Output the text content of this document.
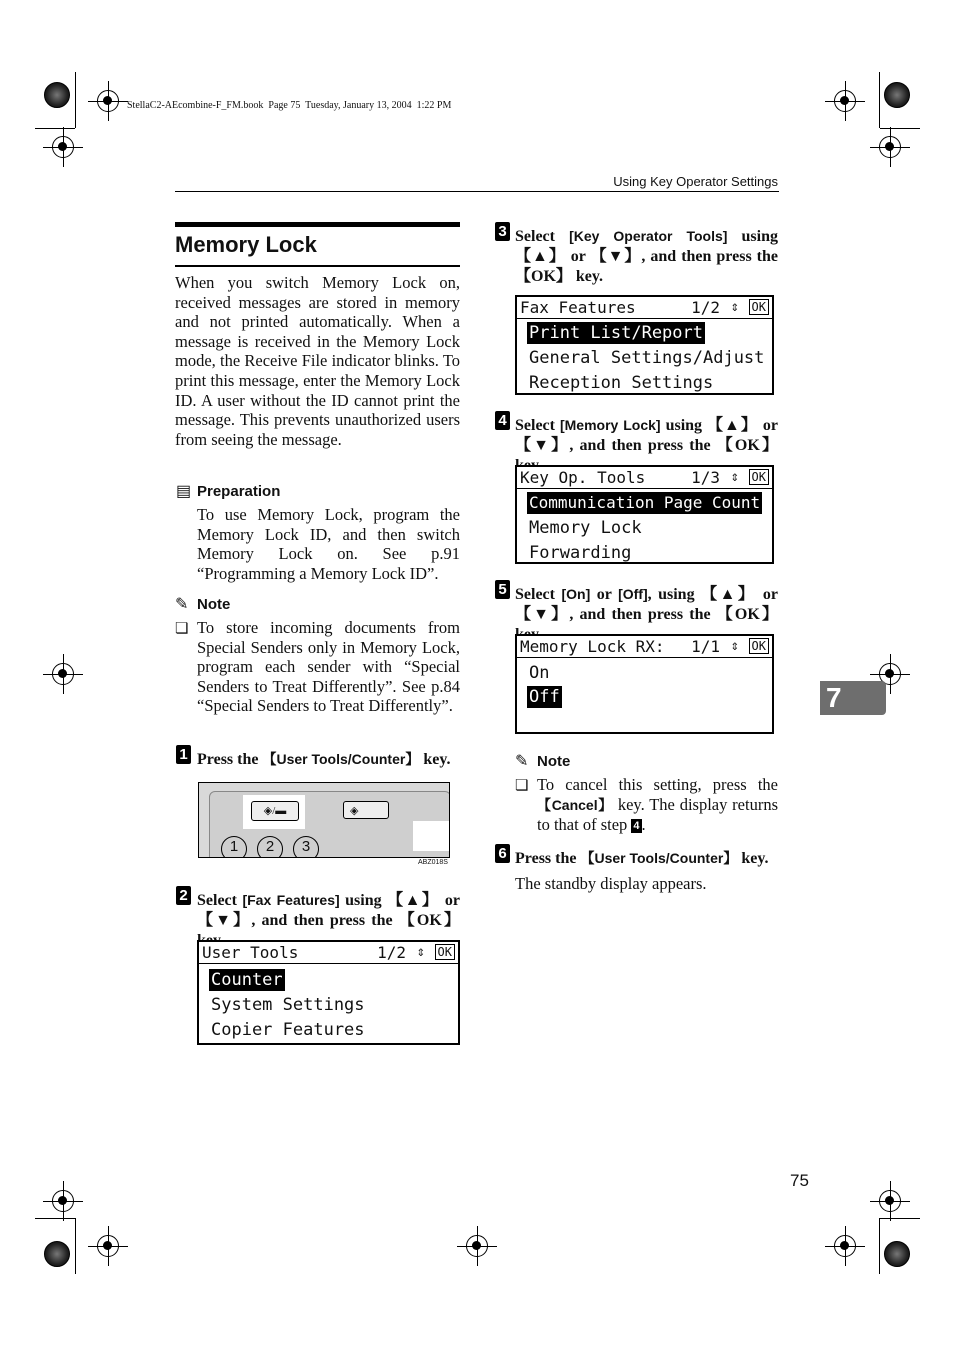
StellaC2-AEcombine-F_FM.book  Page 75  Tuesday, January 13, 2004  1:22 PM
Using Key Operator Settings
7
75
Memory Lock

When you switch Memory Lock on, received messages are stored in memory and not printed automatically. When a message is received in the Memory Lock mode, the Receive File indicator blinks. To print this message, enter the Memory Lock ID. A user without the ID cannot print the message. This prevents unauthorized users from seeing the message.

▤ Preparation

To use Memory Lock, program the Memory Lock ID, and then switch Memory Lock on. See p.91 “Programming a Memory Lock ID”.

✎ Note
❏ To store incoming documents from Special Senders only in Memory Lock, program each sender with “Special Senders to Treat Differently”. See p.84 “Special Senders to Treat Differently”.

1 Press the 【User Tools/Counter】 key.
◈/▬	◈
1	2	3
ABZ018S
2 Select [Fax Features] using 【▲】 or 【▼】, and then press the 【OK】
User Tools	1/2 ⇕ OK
Counter
System Settings
Copier Features
3 Select [Key Operator Tools] using 【▲】 or 【▼】, and then press the 【OK】 key.
Fax Features	1/2 ⇕ OK
Print List/Report
General Settings/Adjust
Reception Settings
4 Select [Memory Lock] using 【▲】 or 【▼】, and then press the 【OK】
Key Op. Tools	1/3 ⇕ OK
Communication Page Count
Memory Lock
Forwarding
5 Select [On] or [Off], using 【▲】 or 【▼】, and then press the 【OK】
Memory Lock RX: 1/1 ⇕ OK
On
Off
✎ Note
❏ To cancel this setting, press the 【Cancel】 key. The display returns to that of step 4 .

6 Press the 【User Tools/Counter】 key.
The standby display appears.
